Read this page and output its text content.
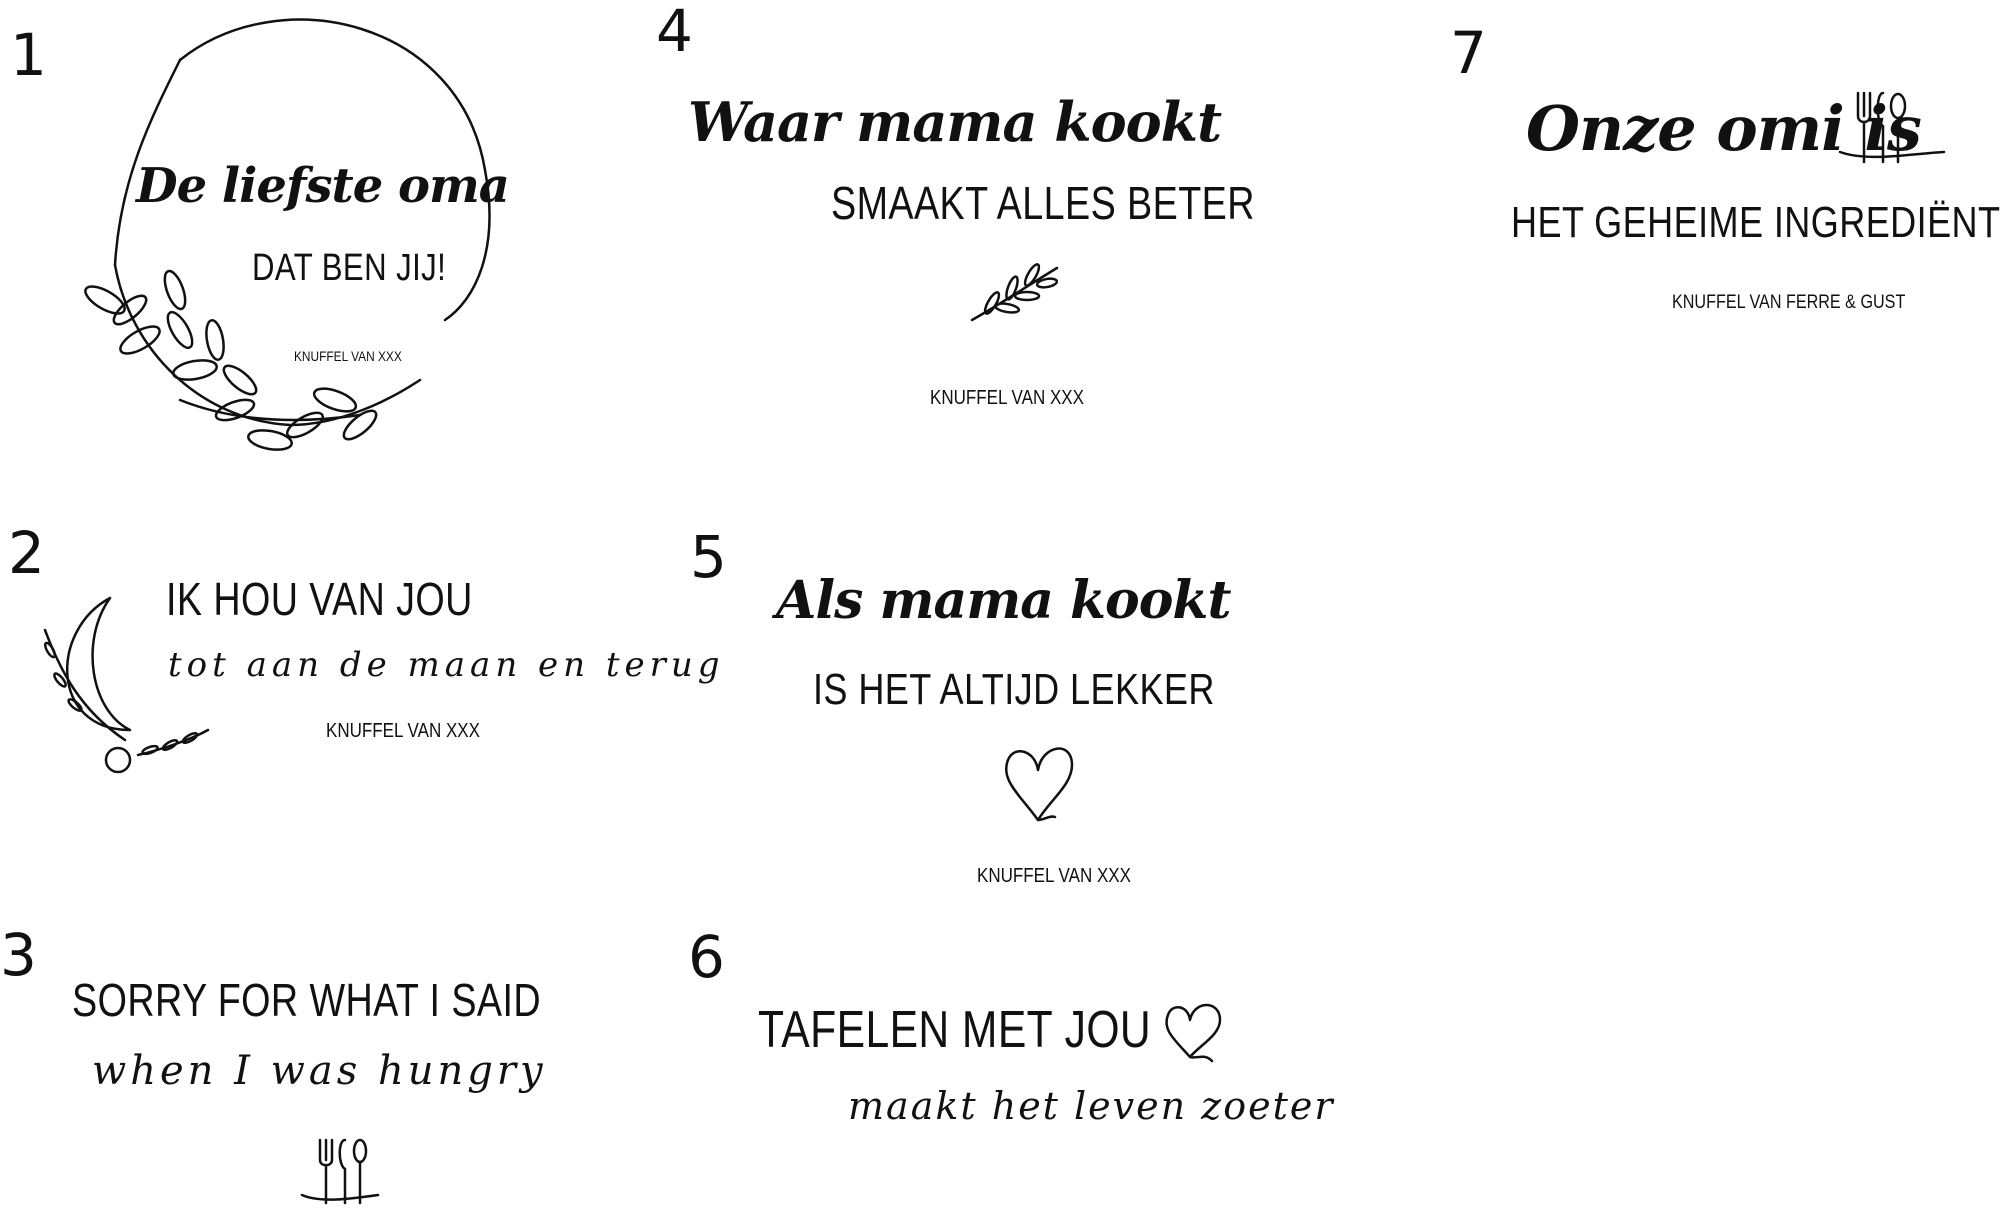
1
De liefste oma
DAT BEN JIJ!
KNUFFEL VAN XXX
2
IK HOU VAN JOU
tot aan de maan en terug
KNUFFEL VAN XXX
3
SORRY FOR WHAT I SAID
when I was hungry
4
Waar mama kookt
SMAAKT ALLES BETER
KNUFFEL VAN XXX
5
Als mama kookt
IS HET ALTIJD LEKKER
KNUFFEL VAN XXX
6
TAFELEN MET JOU
maakt het leven zoeter
7
Onze omi is
HET GEHEIME INGREDIËNT
KNUFFEL VAN FERRE & GUST
